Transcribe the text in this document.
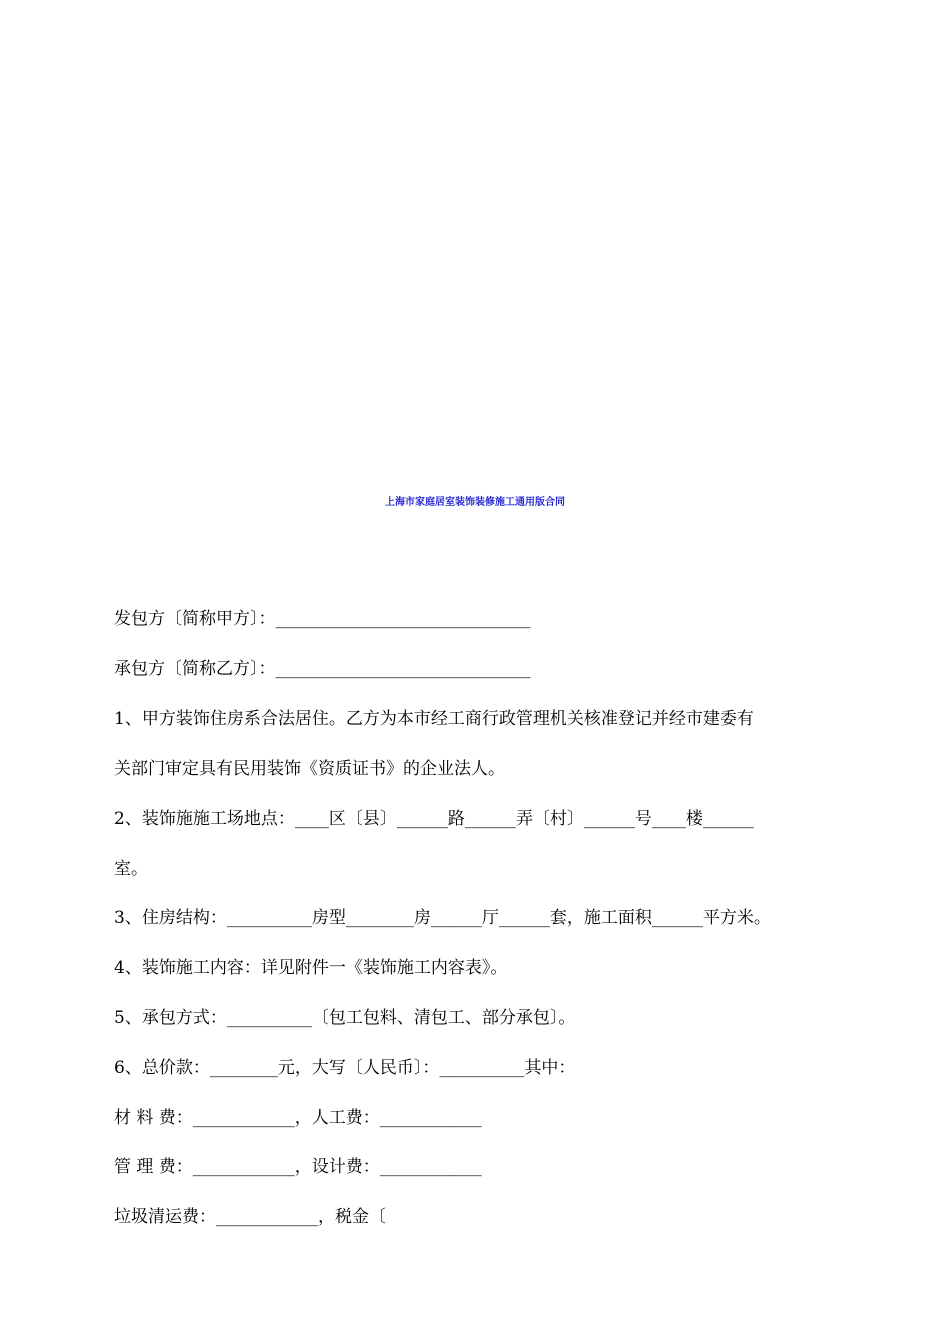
上海市家庭居室装饰装修施工通用版合同
发包方〔简称甲方〕：______________________________
承包方〔简称乙方〕：______________________________
1、甲方装饰住房系合法居住。乙方为本市经工商行政管理机关核准登记并经市建委有
关部门审定具有民用装饰《资质证书》的企业法人。
2、装饰施施工场地点：____区〔县〕______路______弄〔村〕______号____楼______
室。
3、住房结构：__________房型________房______厅______套，施工面积______平方米。
4、装饰施工内容：详见附件一《装饰施工内容表》。
5、承包方式：__________〔包工包料、清包工、部分承包〕。
6、总价款：________元，大写〔人民币〕：__________其中：
材 料 费：____________，人工费：____________
管 理 费：____________，设计费：____________
垃圾清运费：____________，税金〔
